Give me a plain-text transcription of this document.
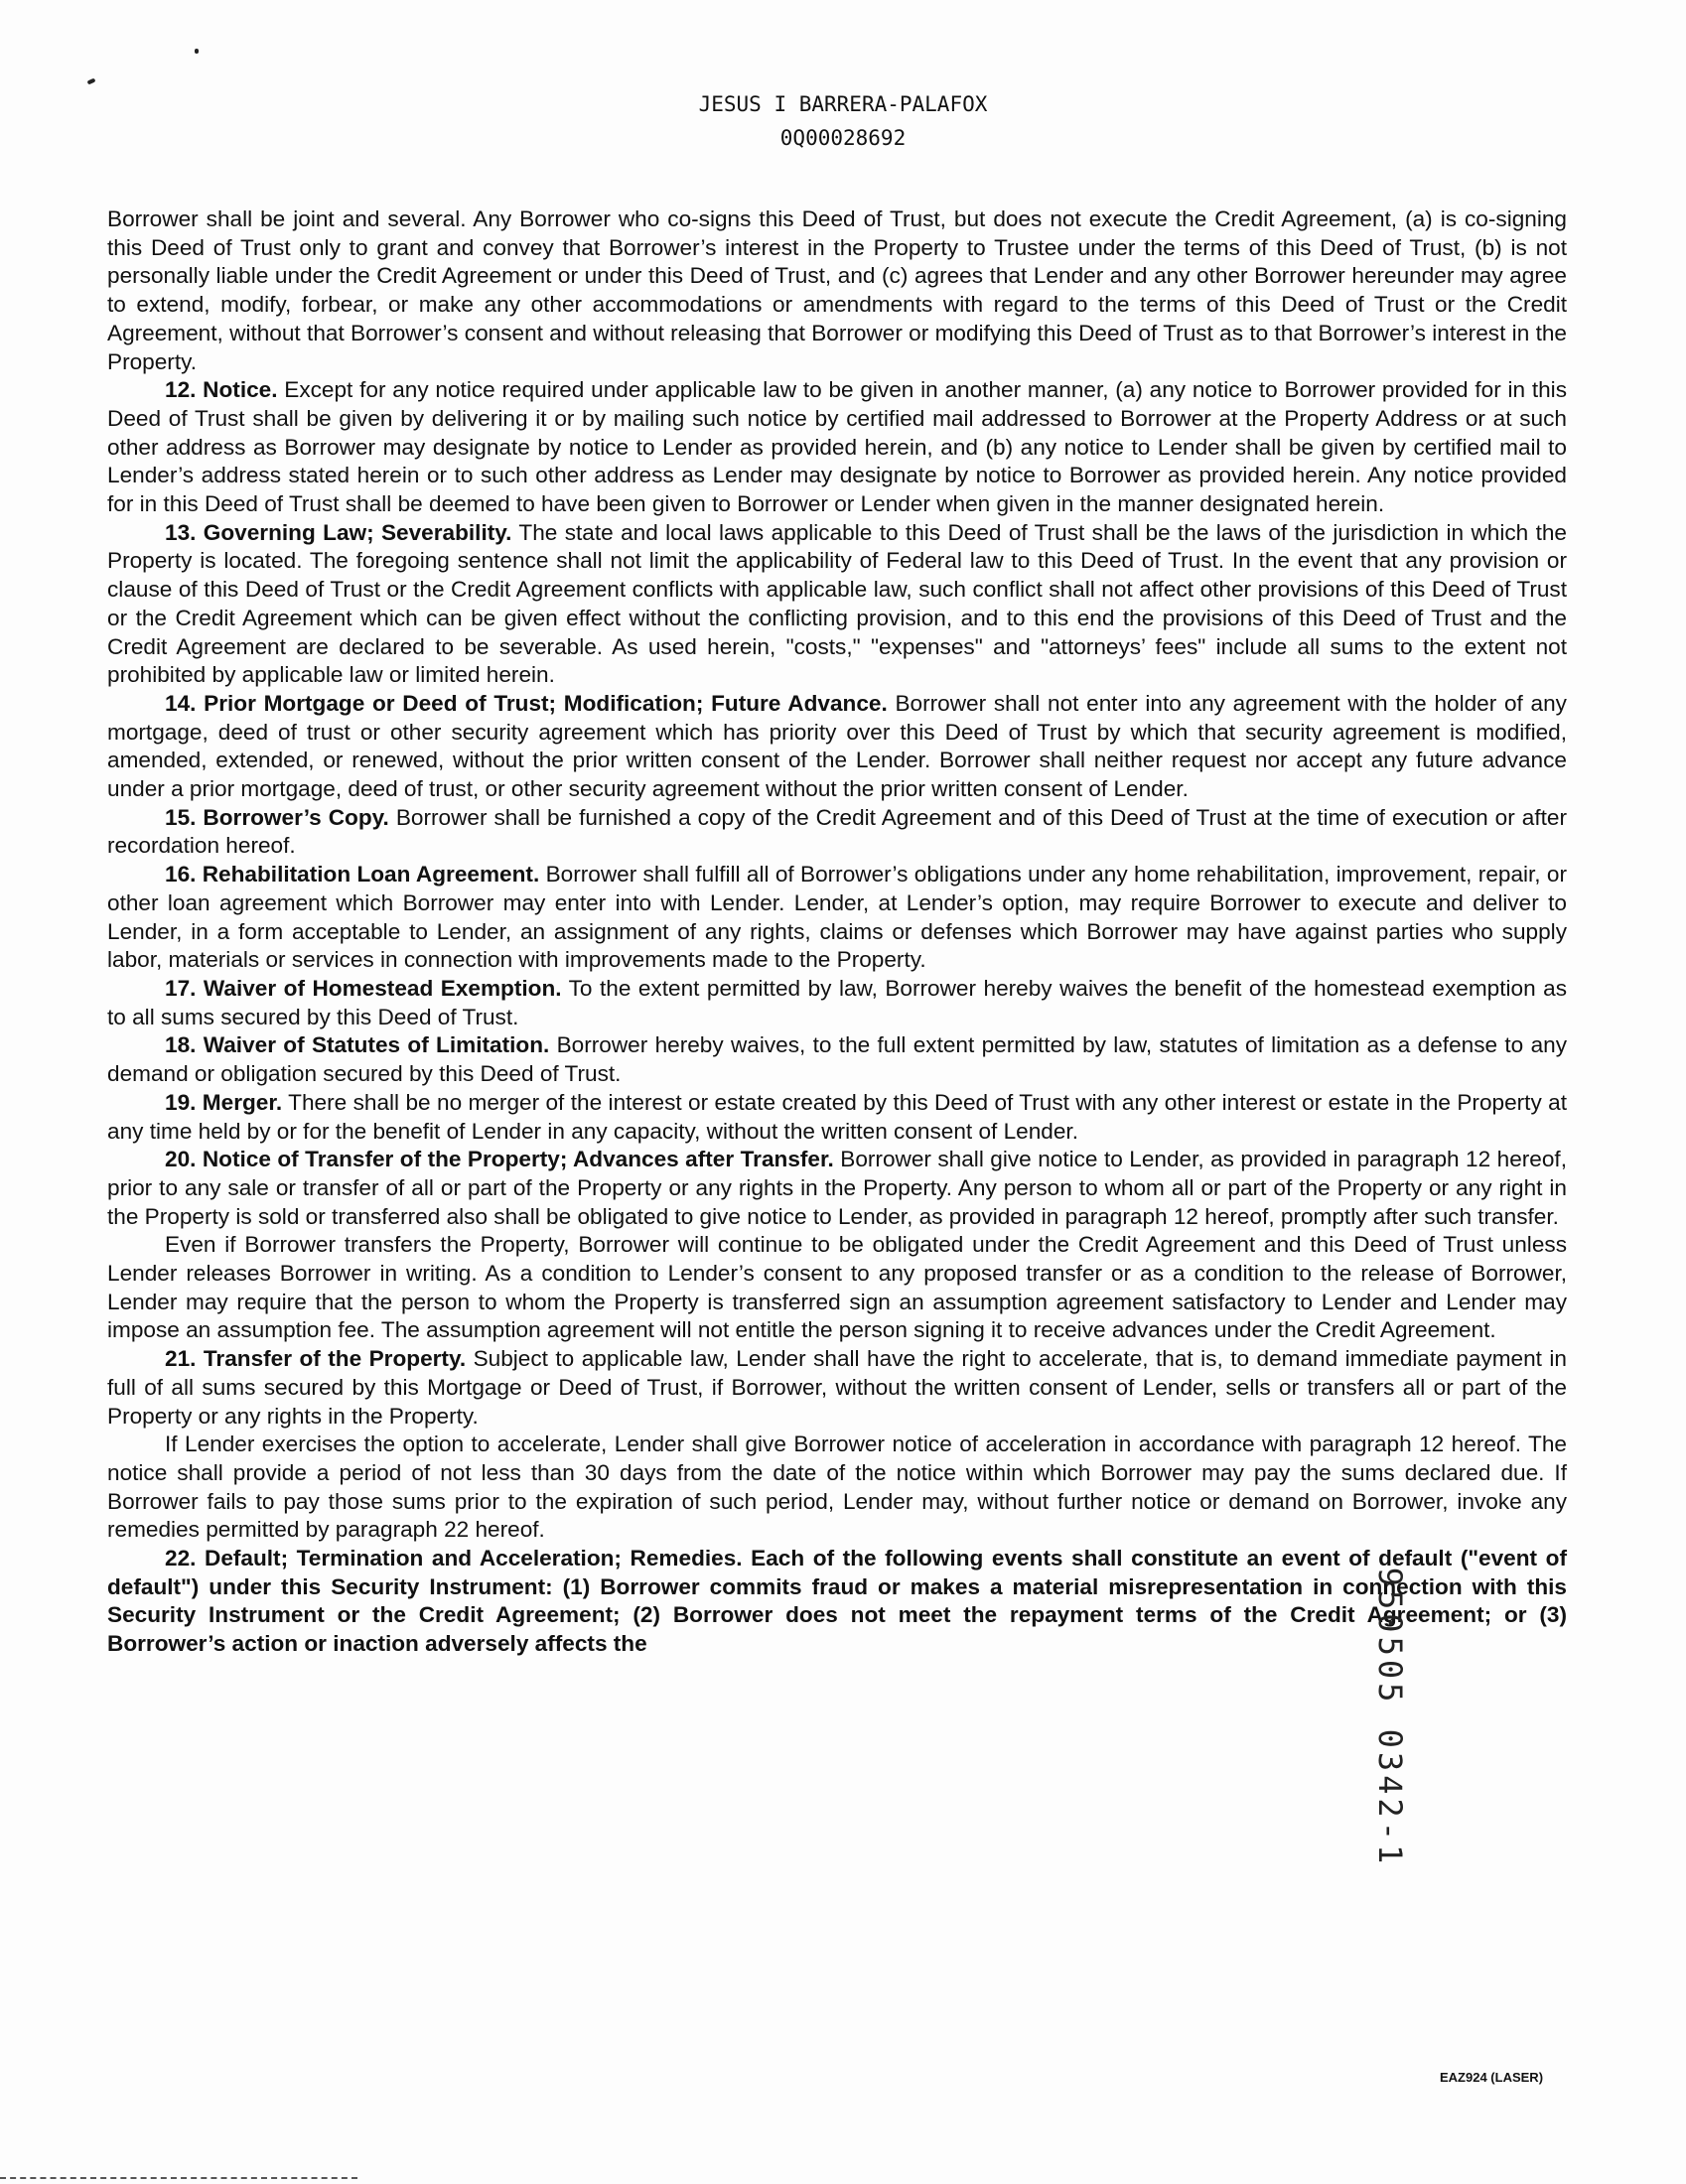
JESUS I BARRERA-PALAFOX
0Q00028692

Borrower shall be joint and several. Any Borrower who co-signs this Deed of Trust, but does not execute the Credit Agreement, (a) is co-signing this Deed of Trust only to grant and convey that Borrower’s interest in the Property to Trustee under the terms of this Deed of Trust, (b) is not personally liable under the Credit Agreement or under this Deed of Trust, and (c) agrees that Lender and any other Borrower hereunder may agree to extend, modify, forbear, or make any other accommodations or amendments with regard to the terms of this Deed of Trust or the Credit Agreement, without that Borrower’s consent and without releasing that Borrower or modifying this Deed of Trust as to that Borrower’s interest in the Property.

12. Notice. Except for any notice required under applicable law to be given in another manner, (a) any notice to Borrower provided for in this Deed of Trust shall be given by delivering it or by mailing such notice by certified mail addressed to Borrower at the Property Address or at such other address as Borrower may designate by notice to Lender as provided herein, and (b) any notice to Lender shall be given by certified mail to Lender’s address stated herein or to such other address as Lender may designate by notice to Borrower as provided herein. Any notice provided for in this Deed of Trust shall be deemed to have been given to Borrower or Lender when given in the manner designated herein.

13. Governing Law; Severability. The state and local laws applicable to this Deed of Trust shall be the laws of the jurisdiction in which the Property is located. The foregoing sentence shall not limit the applicability of Federal law to this Deed of Trust. In the event that any provision or clause of this Deed of Trust or the Credit Agreement conflicts with applicable law, such conflict shall not affect other provisions of this Deed of Trust or the Credit Agreement which can be given effect without the conflicting provision, and to this end the provisions of this Deed of Trust and the Credit Agreement are declared to be severable. As used herein, "costs," "expenses" and "attorneys’ fees" include all sums to the extent not prohibited by applicable law or limited herein.

14. Prior Mortgage or Deed of Trust; Modification; Future Advance. Borrower shall not enter into any agreement with the holder of any mortgage, deed of trust or other security agreement which has priority over this Deed of Trust by which that security agreement is modified, amended, extended, or renewed, without the prior written consent of the Lender. Borrower shall neither request nor accept any future advance under a prior mortgage, deed of trust, or other security agreement without the prior written consent of Lender.

15. Borrower’s Copy. Borrower shall be furnished a copy of the Credit Agreement and of this Deed of Trust at the time of execution or after recordation hereof.

16. Rehabilitation Loan Agreement. Borrower shall fulfill all of Borrower’s obligations under any home rehabilitation, improvement, repair, or other loan agreement which Borrower may enter into with Lender. Lender, at Lender’s option, may require Borrower to execute and deliver to Lender, in a form acceptable to Lender, an assignment of any rights, claims or defenses which Borrower may have against parties who supply labor, materials or services in connection with improvements made to the Property.

17. Waiver of Homestead Exemption. To the extent permitted by law, Borrower hereby waives the benefit of the homestead exemption as to all sums secured by this Deed of Trust.

18. Waiver of Statutes of Limitation. Borrower hereby waives, to the full extent permitted by law, statutes of limitation as a defense to any demand or obligation secured by this Deed of Trust.

19. Merger. There shall be no merger of the interest or estate created by this Deed of Trust with any other interest or estate in the Property at any time held by or for the benefit of Lender in any capacity, without the written consent of Lender.

20. Notice of Transfer of the Property; Advances after Transfer. Borrower shall give notice to Lender, as provided in paragraph 12 hereof, prior to any sale or transfer of all or part of the Property or any rights in the Property. Any person to whom all or part of the Property or any right in the Property is sold or transferred also shall be obligated to give notice to Lender, as provided in paragraph 12 hereof, promptly after such transfer.

Even if Borrower transfers the Property, Borrower will continue to be obligated under the Credit Agreement and this Deed of Trust unless Lender releases Borrower in writing. As a condition to Lender’s consent to any proposed transfer or as a condition to the release of Borrower, Lender may require that the person to whom the Property is transferred sign an assumption agreement satisfactory to Lender and Lender may impose an assumption fee. The assumption agreement will not entitle the person signing it to receive advances under the Credit Agreement.

21. Transfer of the Property. Subject to applicable law, Lender shall have the right to accelerate, that is, to demand immediate payment in full of all sums secured by this Mortgage or Deed of Trust, if Borrower, without the written consent of Lender, sells or transfers all or part of the Property or any rights in the Property.

If Lender exercises the option to accelerate, Lender shall give Borrower notice of acceleration in accordance with paragraph 12 hereof. The notice shall provide a period of not less than 30 days from the date of the notice within which Borrower may pay the sums declared due. If Borrower fails to pay those sums prior to the expiration of such period, Lender may, without further notice or demand on Borrower, invoke any remedies permitted by paragraph 22 hereof.

22. Default; Termination and Acceleration; Remedies. Each of the following events shall constitute an event of default ("event of default") under this Security Instrument: (1) Borrower commits fraud or makes a material misrepresentation in connection with this Security Instrument or the Credit Agreement; (2) Borrower does not meet the repayment terms of the Credit Agreement; or (3) Borrower’s action or inaction adversely affects the	950505 0342-1
EAZ924 (LASER)
